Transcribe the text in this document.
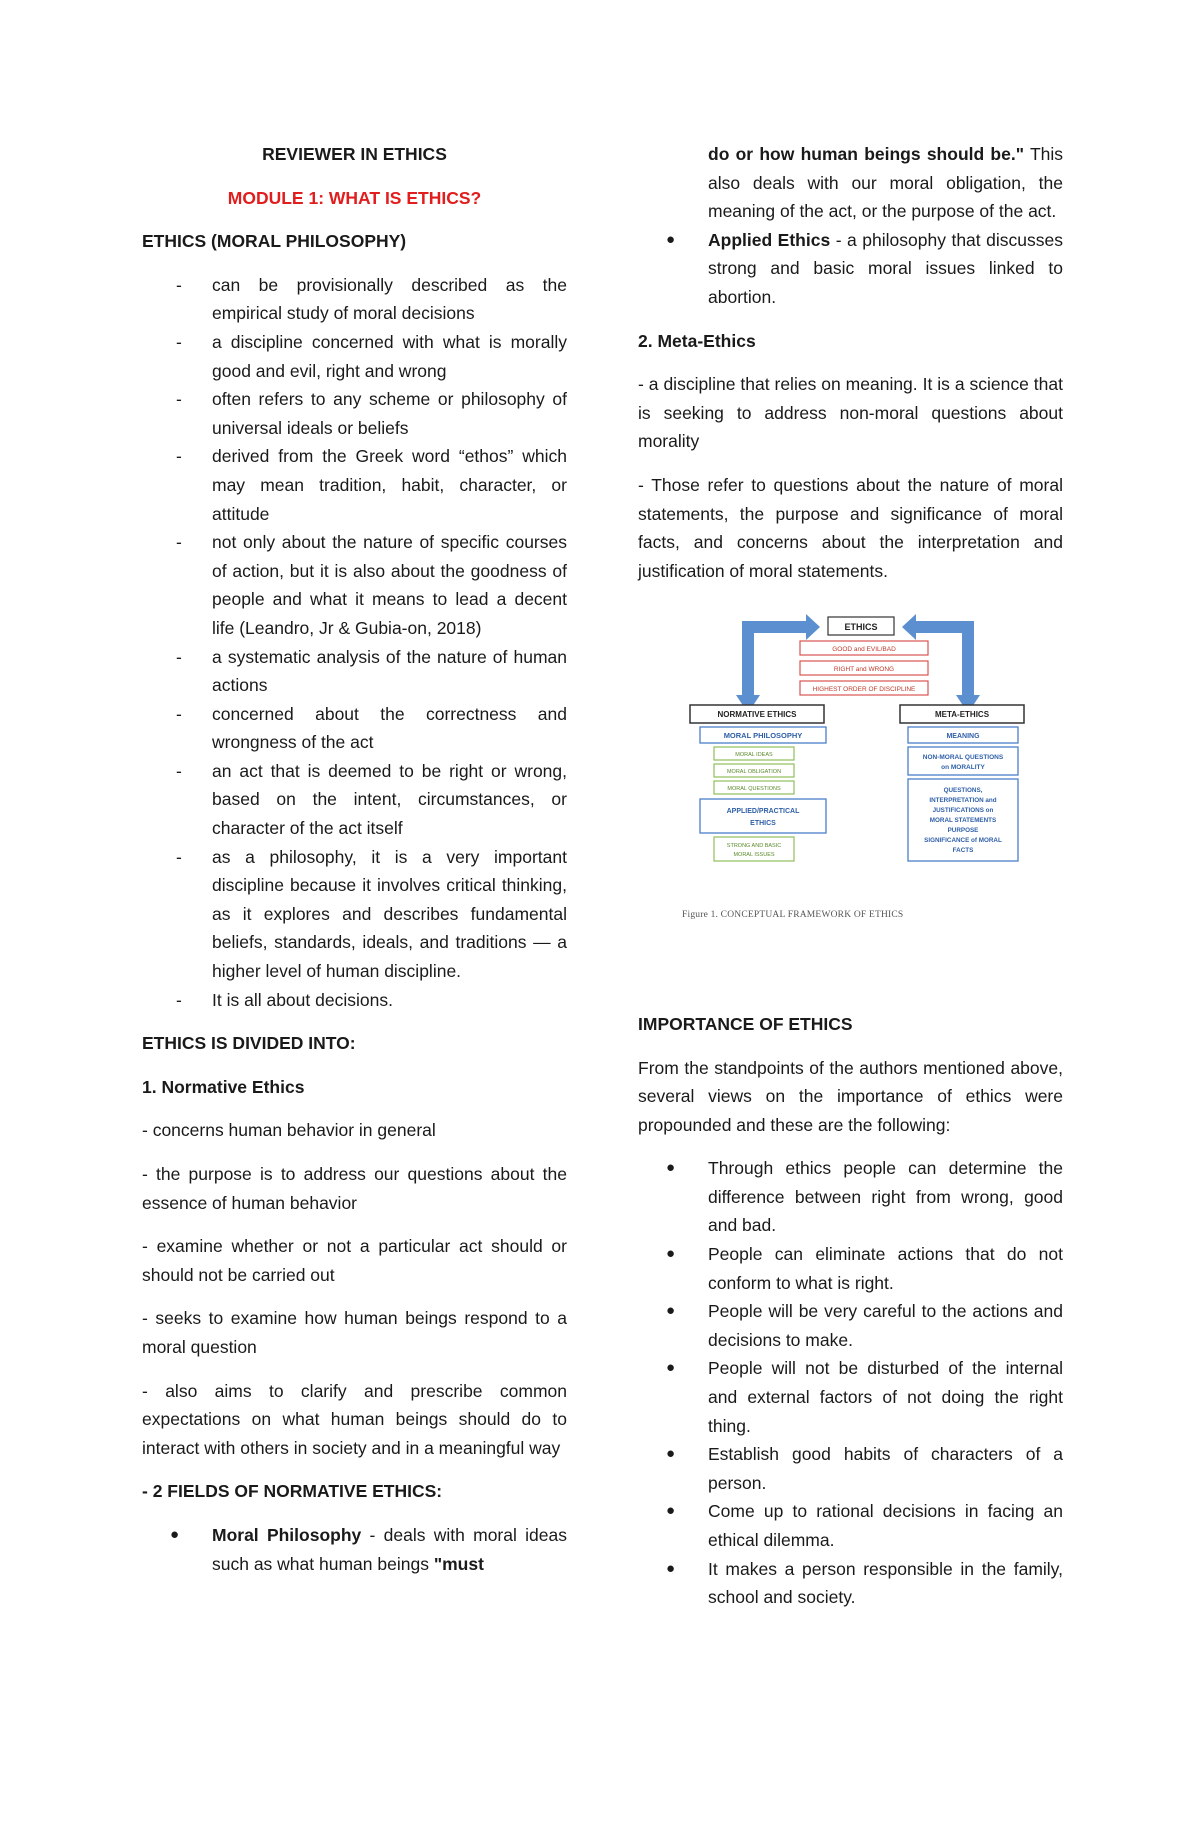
REVIEWER IN ETHICS

MODULE 1: WHAT IS ETHICS?

ETHICS (MORAL PHILOSOPHY)

- can be provisionally described as the empirical study of moral decisions
- a discipline concerned with what is morally good and evil, right and wrong
- often refers to any scheme or philosophy of universal ideals or beliefs
- derived from the Greek word “ethos” which may mean tradition, habit, character, or attitude
- not only about the nature of specific courses of action, but it is also about the goodness of people and what it means to lead a decent life (Leandro, Jr & Gubia-on, 2018)
- a systematic analysis of the nature of human actions
- concerned about the correctness and wrongness of the act
- an act that is deemed to be right or wrong, based on the intent, circumstances, or character of the act itself
- as a philosophy, it is a very important discipline because it involves critical thinking, as it explores and describes fundamental beliefs, standards, ideals, and traditions — a higher level of human discipline.
- It is all about decisions.

ETHICS IS DIVIDED INTO:

1. Normative Ethics

- concerns human behavior in general

- the purpose is to address our questions about the essence of human behavior

- examine whether or not a particular act should or should not be carried out

- seeks to examine how human beings respond to a moral question

- also aims to clarify and prescribe common expectations on what human beings should do to interact with others in society and in a meaningful way

- 2 FIELDS OF NORMATIVE ETHICS:

● Moral Philosophy - deals with moral ideas such as what human beings "must
do or how human beings should be." This also deals with our moral obligation, the meaning of the act, or the purpose of the act.
● Applied Ethics - a philosophy that discusses strong and basic moral issues linked to abortion.

2. Meta-Ethics

- a discipline that relies on meaning. It is a science that is seeking to address non-moral questions about morality

- Those refer to questions about the nature of moral statements, the purpose and significance of moral facts, and concerns about the interpretation and justification of moral statements.

ETHICS
GOOD and EVIL/BAD
RIGHT and WRONG
HIGHEST ORDER OF DISCIPLINE
NORMATIVE ETHICS
MORAL PHILOSOPHY
MORAL IDEAS
MORAL OBLIGATION
MORAL QUESTIONS
APPLIED/PRACTICAL
ETHICS
STRONG AND BASIC
MORAL ISSUES
META-ETHICS
MEANING
NON-MORAL QUESTIONS
on MORALITY
QUESTIONS,
INTERPRETATION and
JUSTIFICATIONS on
MORAL STATEMENTS
PURPOSE
SIGNIFICANCE of MORAL
FACTS
Figure 1. CONCEPTUAL FRAMEWORK OF ETHICS

IMPORTANCE OF ETHICS

From the standpoints of the authors mentioned above, several views on the importance of ethics were propounded and these are the following:

● Through ethics people can determine the difference between right from wrong, good and bad.
● People can eliminate actions that do not conform to what is right.
● People will be very careful to the actions and decisions to make.
● People will not be disturbed of the internal and external factors of not doing the right thing.
● Establish good habits of characters of a person.
● Come up to rational decisions in facing an ethical dilemma.
● It makes a person responsible in the family, school and society.
